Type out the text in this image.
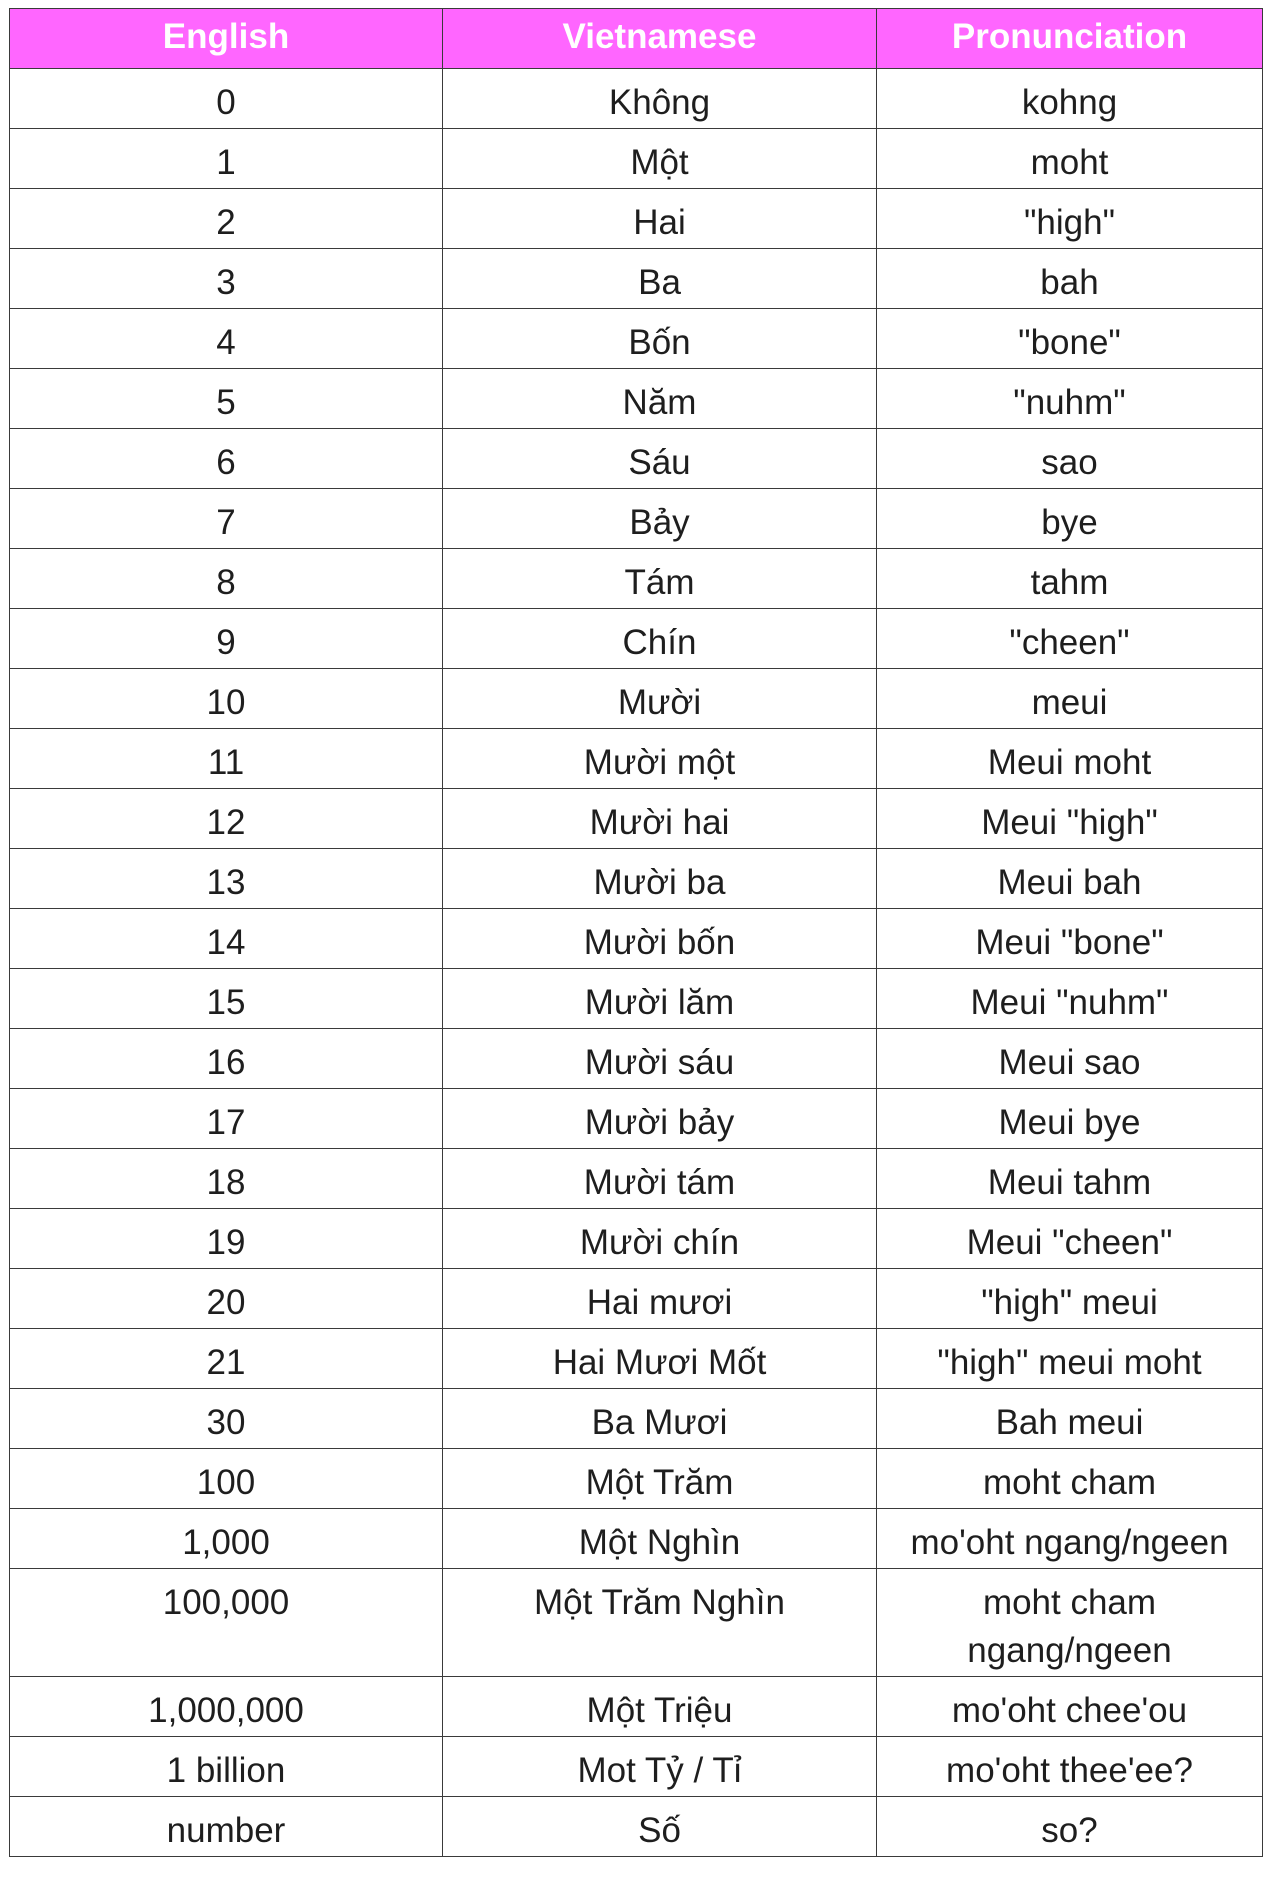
English	Vietnamese	Pronunciation
0	Không	kohng
1	Một	moht
2	Hai	"high"
3	Ba	bah
4	Bốn	"bone"
5	Năm	"nuhm"
6	Sáu	sao
7	Bảy	bye
8	Tám	tahm
9	Chín	"cheen"
10	Mười	meui
11	Mười một	Meui moht
12	Mười hai	Meui "high"
13	Mười ba	Meui bah
14	Mười bốn	Meui "bone"
15	Mười lăm	Meui "nuhm"
16	Mười sáu	Meui sao
17	Mười bảy	Meui bye
18	Mười tám	Meui tahm
19	Mười chín	Meui "cheen"
20	Hai mươi	"high" meui
21	Hai Mươi Mốt	"high" meui moht
30	Ba Mươi	Bah meui
100	Một Trăm	moht cham
1,000	Một Nghìn	mo'oht ngang/ngeen
100,000	Một Trăm Nghìn	moht cham ngang/ngeen
1,000,000	Một Triệu	mo'oht chee'ou
1 billion	Mot Tỷ / Tỉ	mo'oht thee'ee?
number	Số	so?
